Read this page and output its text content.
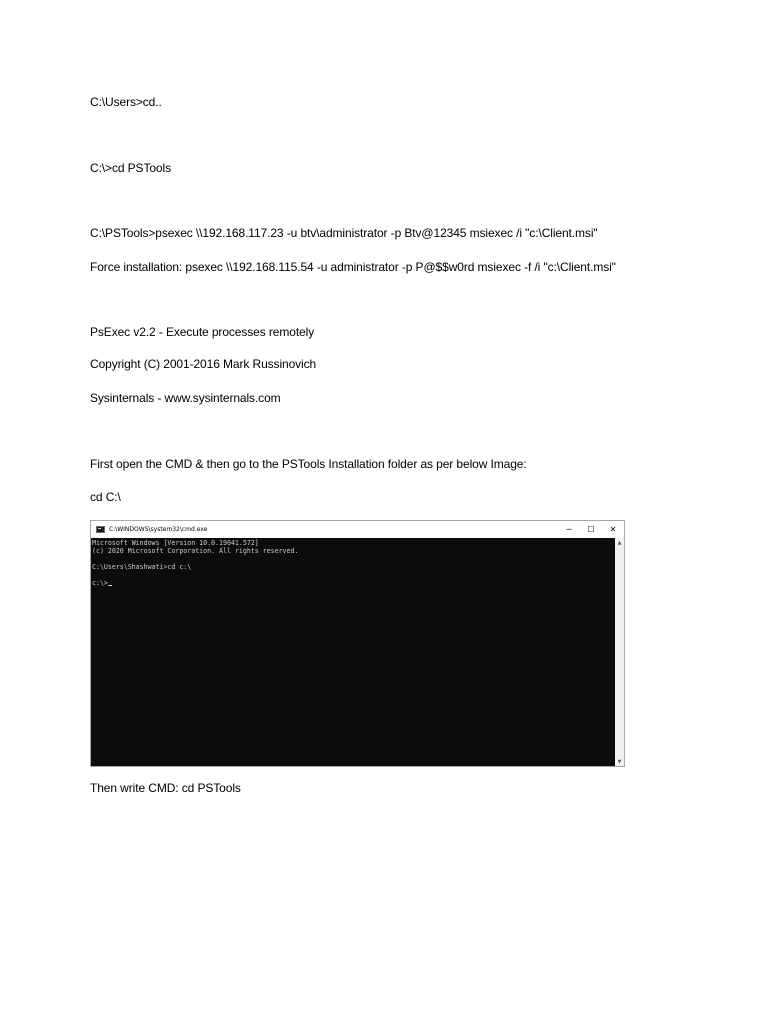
C:\Users>cd..
C:\>cd PSTools
C:\PSTools>psexec \\192.168.117.23 -u btv\administrator -p Btv@12345 msiexec /i "c:\Client.msi"
Force installation: psexec \\192.168.115.54 -u administrator -p P@$$w0rd msiexec -f /i "c:\Client.msi"
PsExec v2.2 - Execute processes remotely
Copyright (C) 2001-2016 Mark Russinovich
Sysinternals - www.sysinternals.com
First open the CMD & then go to the PSTools Installation folder as per below Image:
cd C:\
C:\WINDOWS\system32\cmd.exe	─	☐	✕
Microsoft Windows [Version 10.0.19041.572]
(c) 2020 Microsoft Corporation. All rights reserved.
C:\Users\Shashwati>cd c:\
c:\>
▲
▼
Then write CMD: cd PSTools
